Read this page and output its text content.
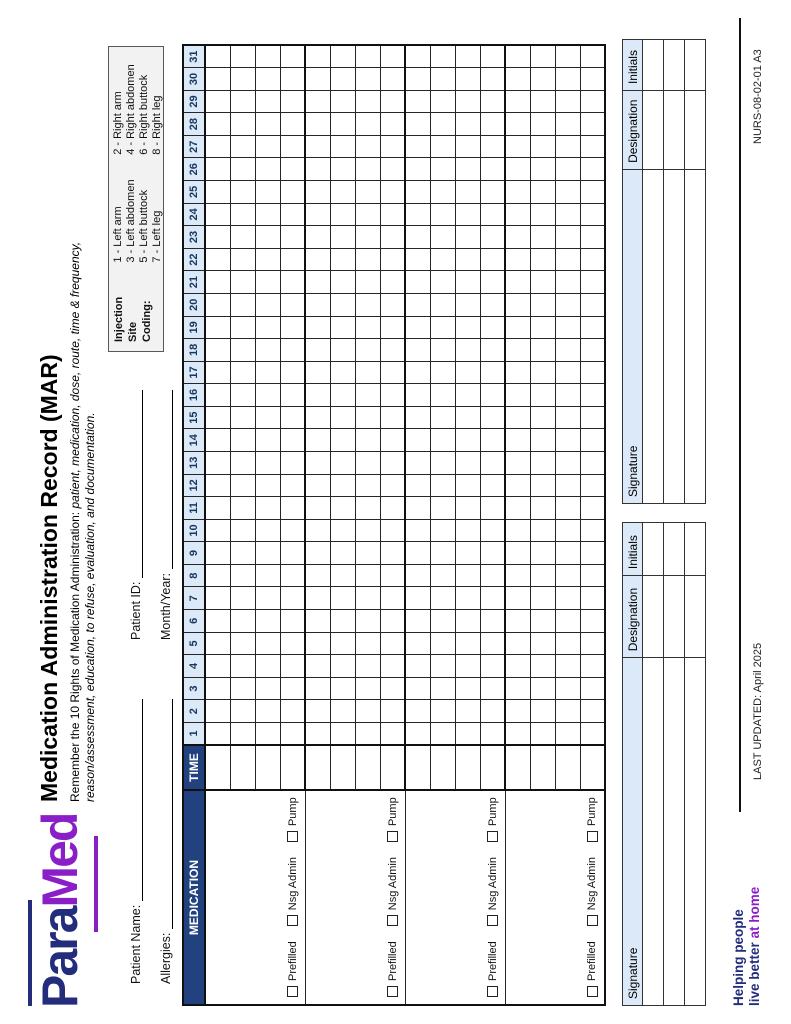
ParaMed
Medication Administration Record (MAR) Remember the 10 Rights of Medication Administration: patient, medication, dose, route, time & frequency,
reason/assessment, education, to refuse, evaluation, and documentation.
Patient Name: Allergies:
Patient ID: Month/Year:
Injection Site Coding:
1 - Left arm 3 - Left abdomen 5 - Left buttock 7 - Left leg
2 - Right arm 4 - Right abdomen 6 - Right buttock 8 - Right leg
MEDICATION	TIME	1	2	3	4	5	6	7	8	9	10	11	12	13	14	15	16	17	18	19	20	21	22	23	24	25	26	27	28	29	30	31

Prefilled
Nsg Admin
Pump																																

Prefilled
Nsg Admin
Pump																																

Prefilled
Nsg Admin
Pump																																

Prefilled
Nsg Admin
Pump																																

Signature	Designation	Initials

Signature	Designation	Initials

Helping people
live better at home
LAST UPDATED: April 2025
NURS-08-02-01 A3
